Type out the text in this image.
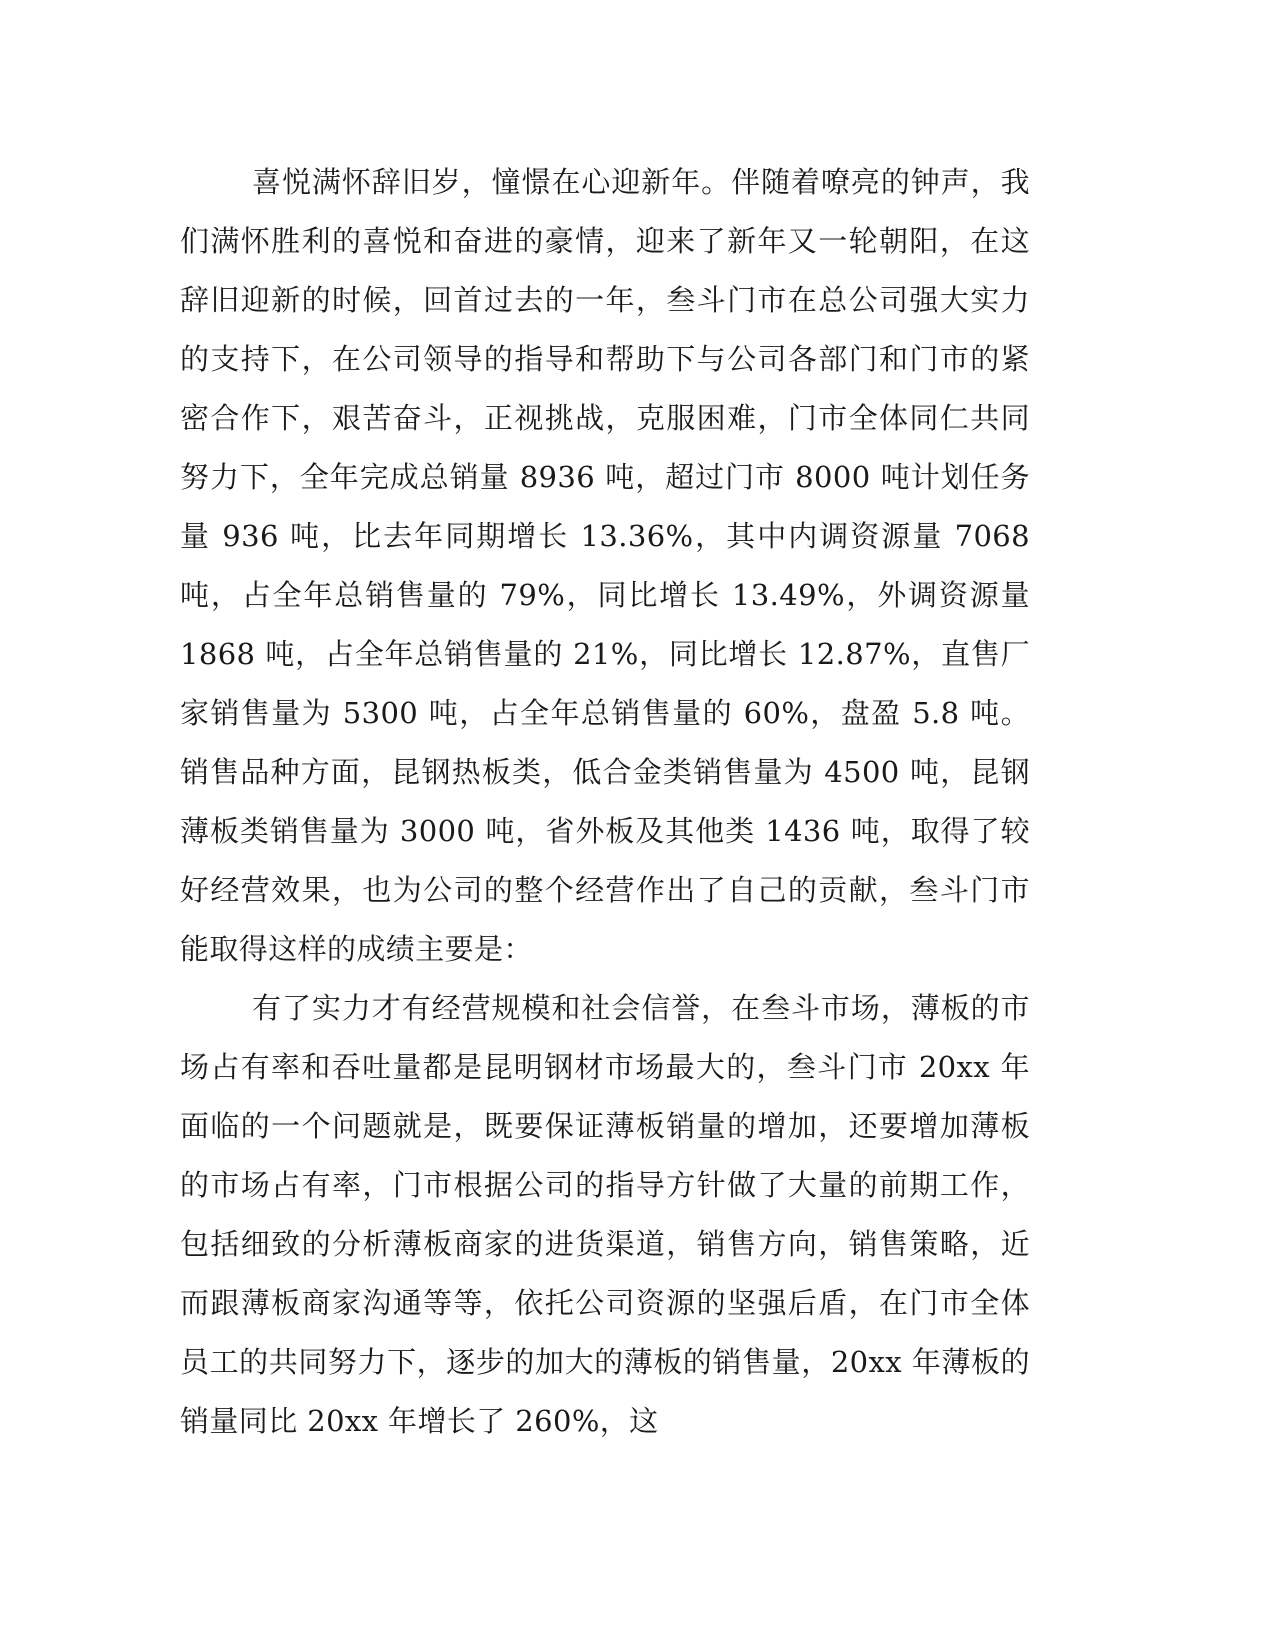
喜悦满怀辞旧岁，憧憬在心迎新年。伴随着嘹亮的钟声，我们满怀胜利的喜悦和奋进的豪情，迎来了新年又一轮朝阳，在这辞旧迎新的时候，回首过去的一年，叁斗门市在总公司强大实力的支持下，在公司领导的指导和帮助下与公司各部门和门市的紧密合作下，艰苦奋斗，正视挑战，克服困难，门市全体同仁共同努力下，全年完成总销量 8936 吨，超过门市 8000 吨计划任务量 936 吨，比去年同期增长 13.36%，其中内调资源量 7068 吨，占全年总销售量的 79%，同比增长 13.49%，外调资源量 1868 吨，占全年总销售量的 21%，同比增长 12.87%，直售厂家销售量为 5300 吨，占全年总销售量的 60%，盘盈 5.8 吨。销售品种方面，昆钢热板类，低合金类销售量为 4500 吨，昆钢薄板类销售量为 3000 吨，省外板及其他类 1436 吨，取得了较好经营效果，也为公司的整个经营作出了自己的贡献，叁斗门市能取得这样的成绩主要是：

有了实力才有经营规模和社会信誉，在叁斗市场，薄板的市场占有率和吞吐量都是昆明钢材市场最大的，叁斗门市 20xx 年面临的一个问题就是，既要保证薄板销量的增加，还要增加薄板的市场占有率，门市根据公司的指导方针做了大量的前期工作，包括细致的分析薄板商家的进货渠道，销售方向，销售策略，近而跟薄板商家沟通等等，依托公司资源的坚强后盾，在门市全体员工的共同努力下，逐步的加大的薄板的销售量，20xx 年薄板的销量同比 20xx 年增长了 260%，这
